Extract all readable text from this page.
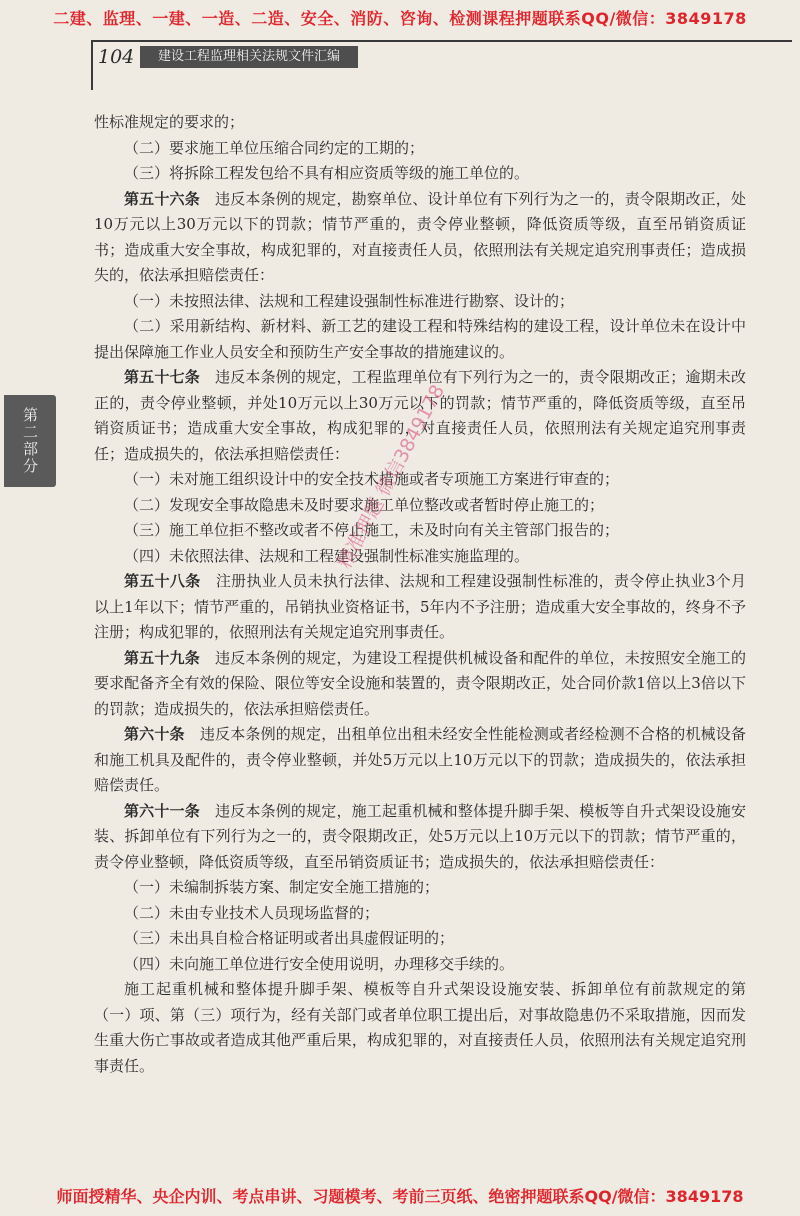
二建、监理、一建、一造、二造、安全、消防、咨询、检测课程押题联系QQ/微信：3849178
104	建设工程监理相关法规文件汇编
第二部分

性标准规定的要求的；

（二）要求施工单位压缩合同约定的工期的；

（三）将拆除工程发包给不具有相应资质等级的施工单位的。

第五十六条　违反本条例的规定，勘察单位、设计单位有下列行为之一的，责令限期改正，处10万元以上30万元以下的罚款；情节严重的，责令停业整顿，降低资质等级，直至吊销资质证书；造成重大安全事故，构成犯罪的，对直接责任人员，依照刑法有关规定追究刑事责任；造成损失的，依法承担赔偿责任：

（一）未按照法律、法规和工程建设强制性标准进行勘察、设计的；

（二）采用新结构、新材料、新工艺的建设工程和特殊结构的建设工程，设计单位未在设计中提出保障施工作业人员安全和预防生产安全事故的措施建议的。

第五十七条　违反本条例的规定，工程监理单位有下列行为之一的，责令限期改正；逾期未改正的，责令停业整顿，并处10万元以上30万元以下的罚款；情节严重的，降低资质等级，直至吊销资质证书；造成重大安全事故，构成犯罪的，对直接责任人员，依照刑法有关规定追究刑事责任；造成损失的，依法承担赔偿责任：

（一）未对施工组织设计中的安全技术措施或者专项施工方案进行审查的；

（二）发现安全事故隐患未及时要求施工单位整改或者暂时停止施工的；

（三）施工单位拒不整改或者不停止施工，未及时向有关主管部门报告的；

（四）未依照法律、法规和工程建设强制性标准实施监理的。

第五十八条　注册执业人员未执行法律、法规和工程建设强制性标准的，责令停止执业3个月以上1年以下；情节严重的，吊销执业资格证书，5年内不予注册；造成重大安全事故的，终身不予注册；构成犯罪的，依照刑法有关规定追究刑事责任。

第五十九条　违反本条例的规定，为建设工程提供机械设备和配件的单位，未按照安全施工的要求配备齐全有效的保险、限位等安全设施和装置的，责令限期改正，处合同价款1倍以上3倍以下的罚款；造成损失的，依法承担赔偿责任。

第六十条　违反本条例的规定，出租单位出租未经安全性能检测或者经检测不合格的机械设备和施工机具及配件的，责令停业整顿，并处5万元以上10万元以下的罚款；造成损失的，依法承担赔偿责任。

第六十一条　违反本条例的规定，施工起重机械和整体提升脚手架、模板等自升式架设设施安装、拆卸单位有下列行为之一的，责令限期改正，处5万元以上10万元以下的罚款；情节严重的，责令停业整顿，降低资质等级，直至吊销资质证书；造成损失的，依法承担赔偿责任：

（一）未编制拆装方案、制定安全施工措施的；

（二）未由专业技术人员现场监督的；

（三）未出具自检合格证明或者出具虚假证明的；

（四）未向施工单位进行安全使用说明，办理移交手续的。

施工起重机械和整体提升脚手架、模板等自升式架设设施安装、拆卸单位有前款规定的第（一）项、第（三）项行为，经有关部门或者单位职工提出后，对事故隐患仍不采取措施，因而发生重大伤亡事故或者造成其他严重后果，构成犯罪的，对直接责任人员，依照刑法有关规定追究刑事责任。

精准押题 微信3849178
师面授精华、央企内训、考点串讲、习题模考、考前三页纸、绝密押题联系QQ/微信：3849178
